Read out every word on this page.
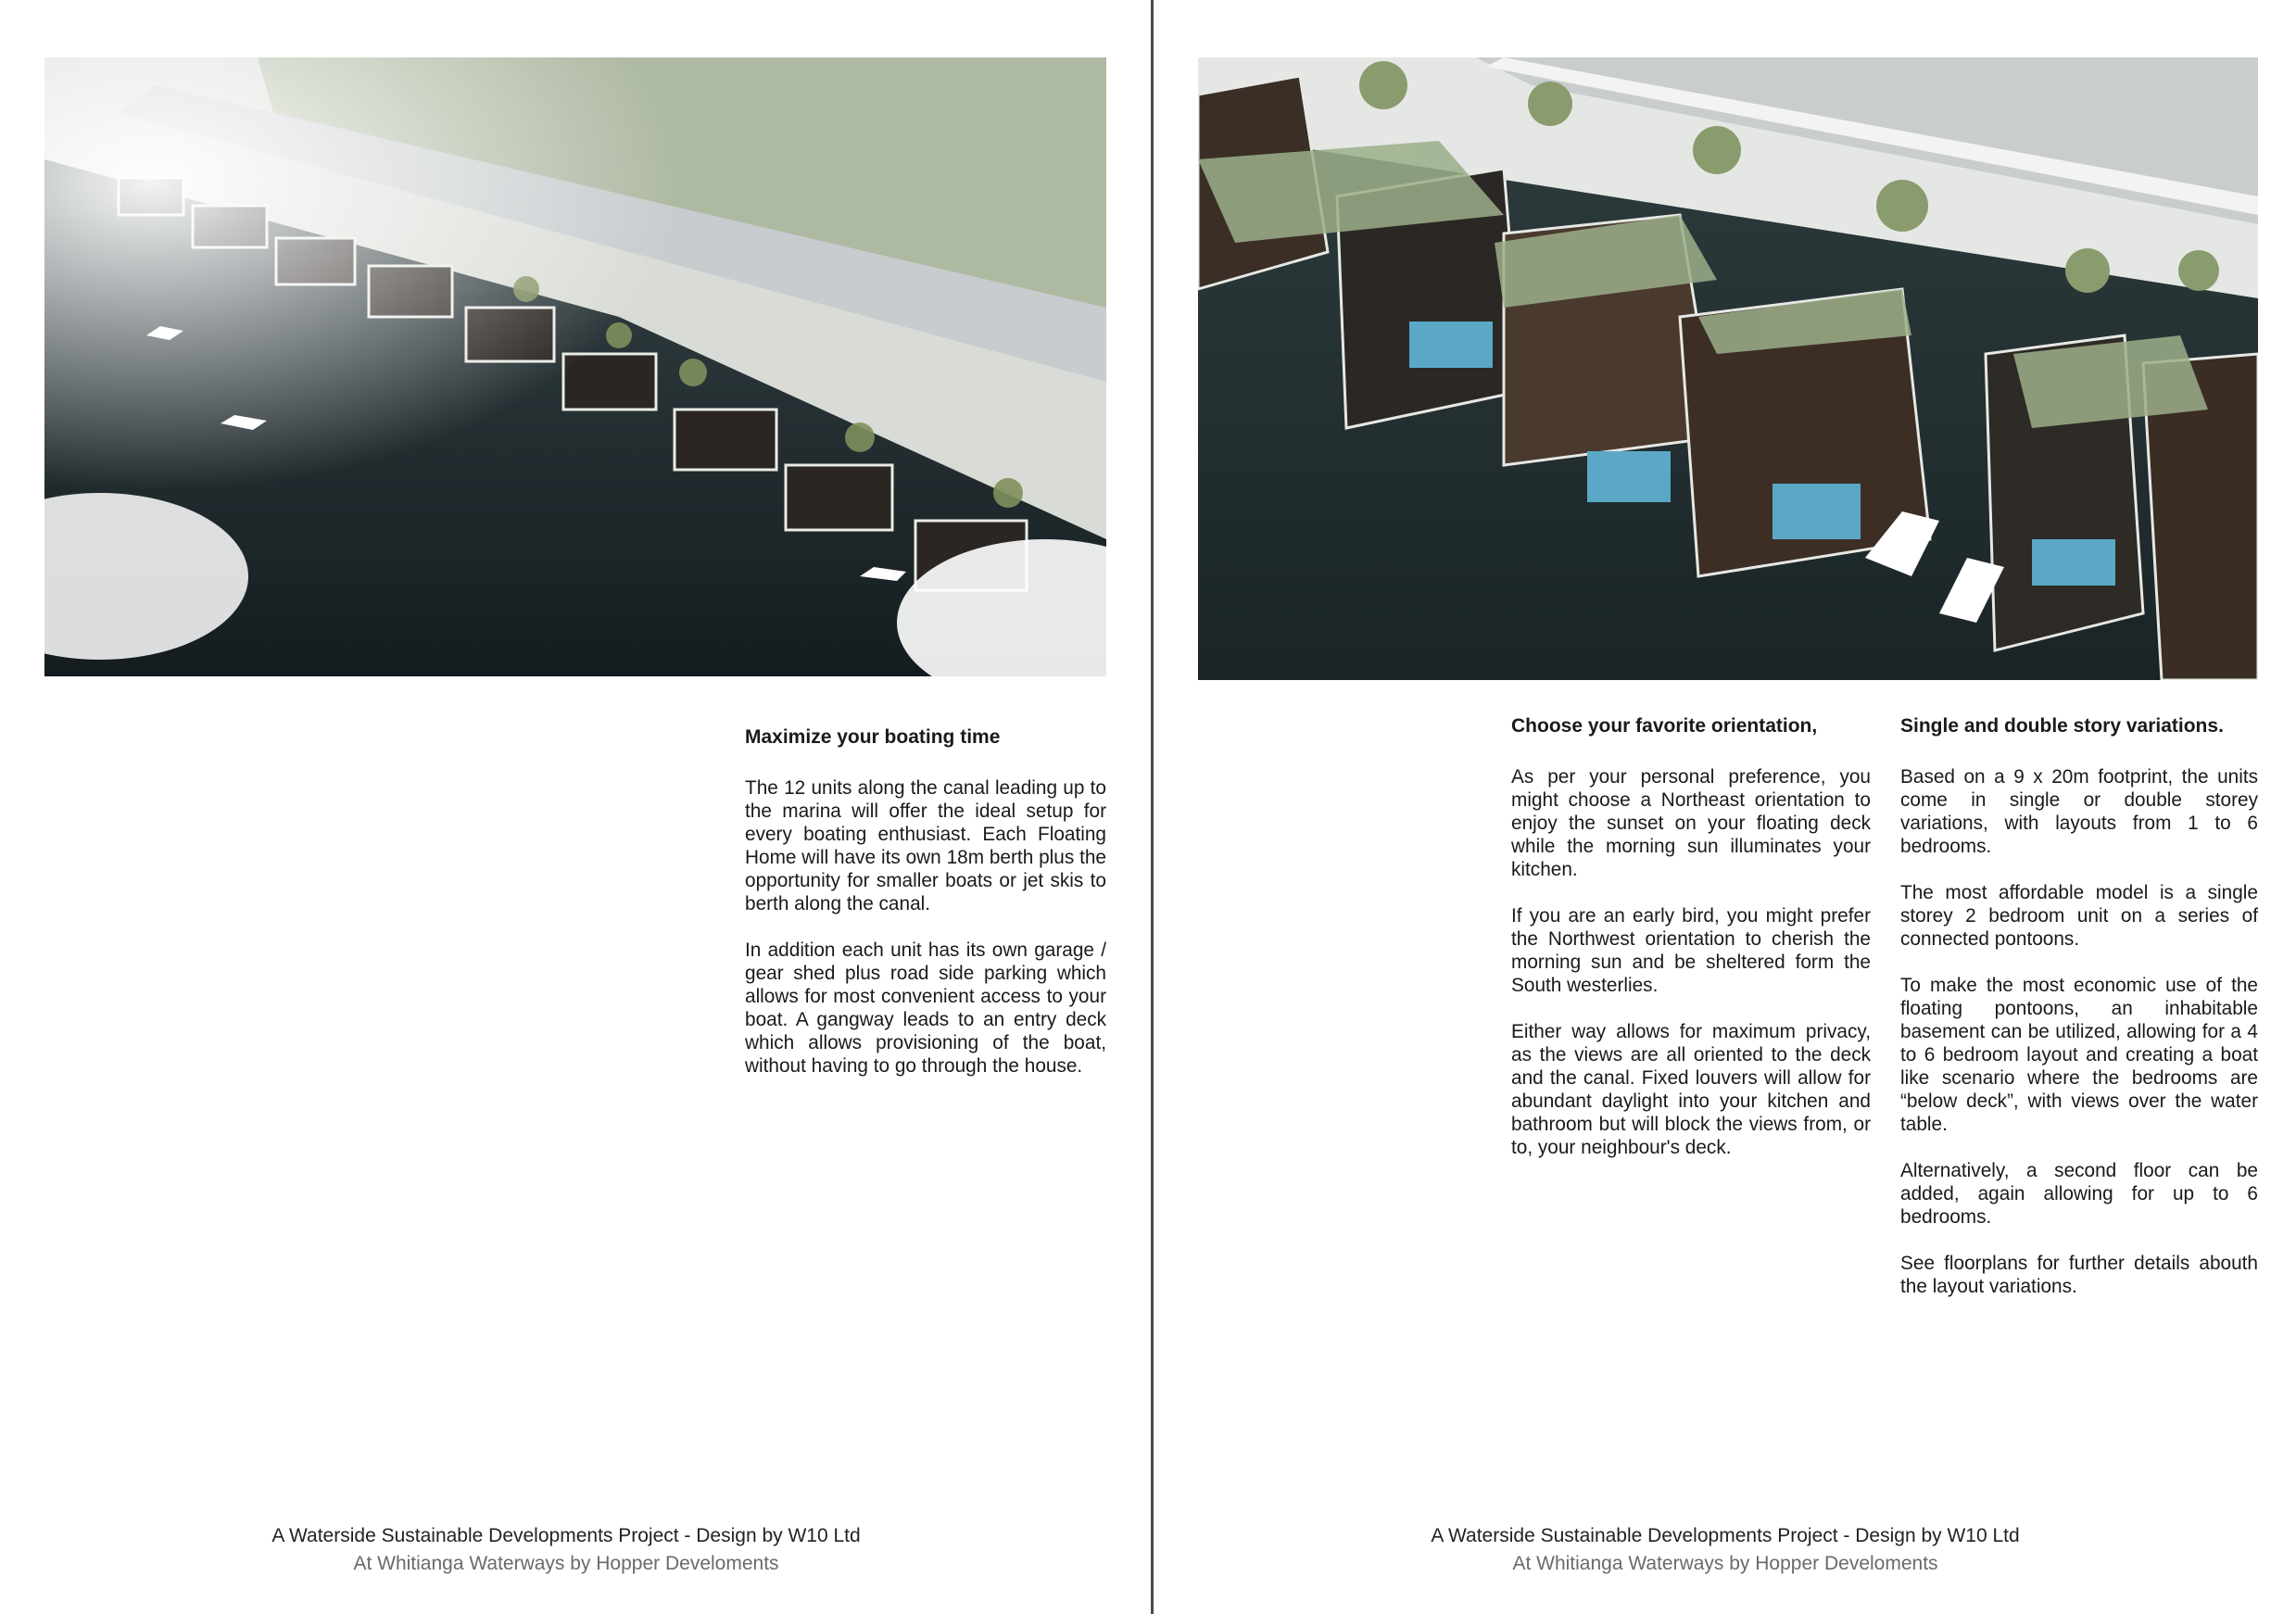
Maximize your boating time

The 12 units along the canal leading up to the marina will offer the ideal setup for every boating enthusiast. Each Floating Home will have its own 18m berth plus the opportunity for smaller boats or jet skis to berth along the canal.

In addition each unit has its own garage / gear shed plus road side parking which allows for most convenient access to your boat. A gangway leads to an entry deck which allows provisioning of the boat, without having to go through the house.

A Waterside Sustainable Developments Project - Design by W10 Ltd
At Whitianga Waterways by Hopper Develoments
Choose your favorite orientation,

As per your personal preference, you might choose a Northeast orientation to enjoy the sunset on your floating deck while the morning sun illuminates your kitchen.

If you are an early bird, you might prefer the Northwest orientation to cherish the morning sun and be sheltered form the South westerlies.

Either way allows for maximum privacy, as the views are all oriented to the deck and the canal. Fixed louvers will allow for abundant daylight into your kitchen and bathroom but will block the views from, or to, your neighbour's deck.

Single and double story variations.

Based on a 9 x 20m footprint, the units come in single or double storey variations, with layouts from 1 to 6 bedrooms.

The most affordable model is a single storey 2 bedroom unit on a series of connected pontoons.

To make the most economic use of the floating pontoons, an inhabitable basement can be utilized, allowing for a 4 to 6 bedroom layout and creating a boat like scenario where the bedrooms are “below deck”, with views over the water table.

Alternatively, a second floor can be added, again allowing for up to 6 bedrooms.

See floorplans for further details abouth the layout variations.

A Waterside Sustainable Developments Project - Design by W10 Ltd
At Whitianga Waterways by Hopper Develoments
